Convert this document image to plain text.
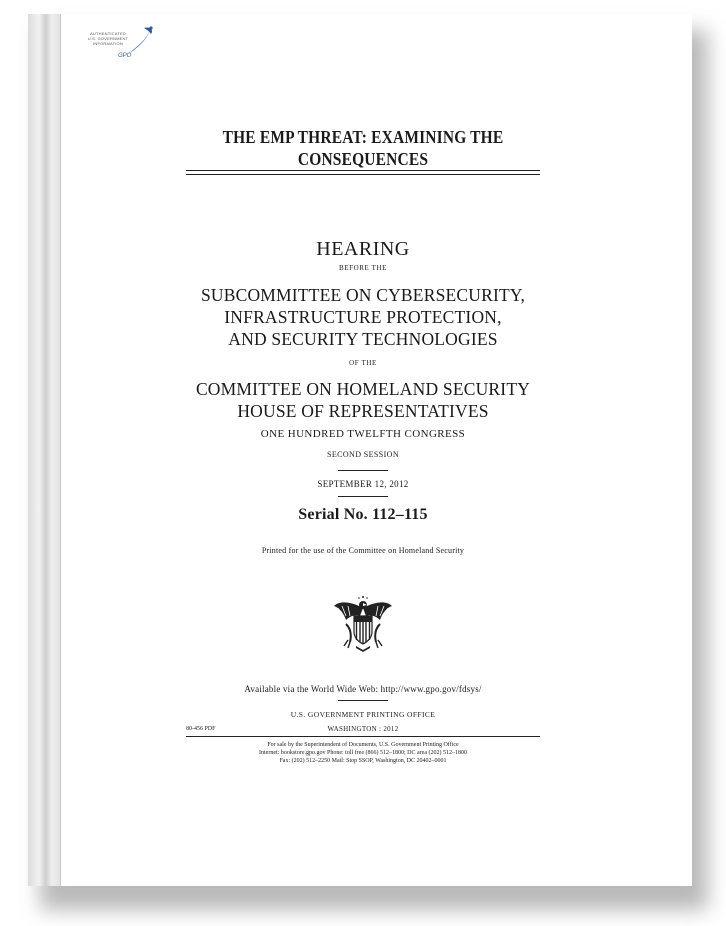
AUTHENTICATED
U.S. GOVERNMENT
INFORMATION
GPO
THE EMP THREAT: EXAMINING THE
CONSEQUENCES
HEARING
BEFORE THE
SUBCOMMITTEE ON CYBERSECURITY,
INFRASTRUCTURE PROTECTION,
AND SECURITY TECHNOLOGIES
OF THE
COMMITTEE ON HOMELAND SECURITY
HOUSE OF REPRESENTATIVES
ONE HUNDRED TWELFTH CONGRESS
SECOND SESSION
SEPTEMBER 12, 2012
Serial No. 112–115
Printed for the use of the Committee on Homeland Security
Available via the World Wide Web: http://www.gpo.gov/fdsys/
U.S. GOVERNMENT PRINTING OFFICE
80-456 PDF	WASHINGTON : 2012
For sale by the Superintendent of Documents, U.S. Government Printing Office
Internet: bookstore.gpo.gov Phone: toll free (866) 512–1800; DC area (202) 512–1800
Fax: (202) 512–2250 Mail: Stop SSOP, Washington, DC 20402–0001
